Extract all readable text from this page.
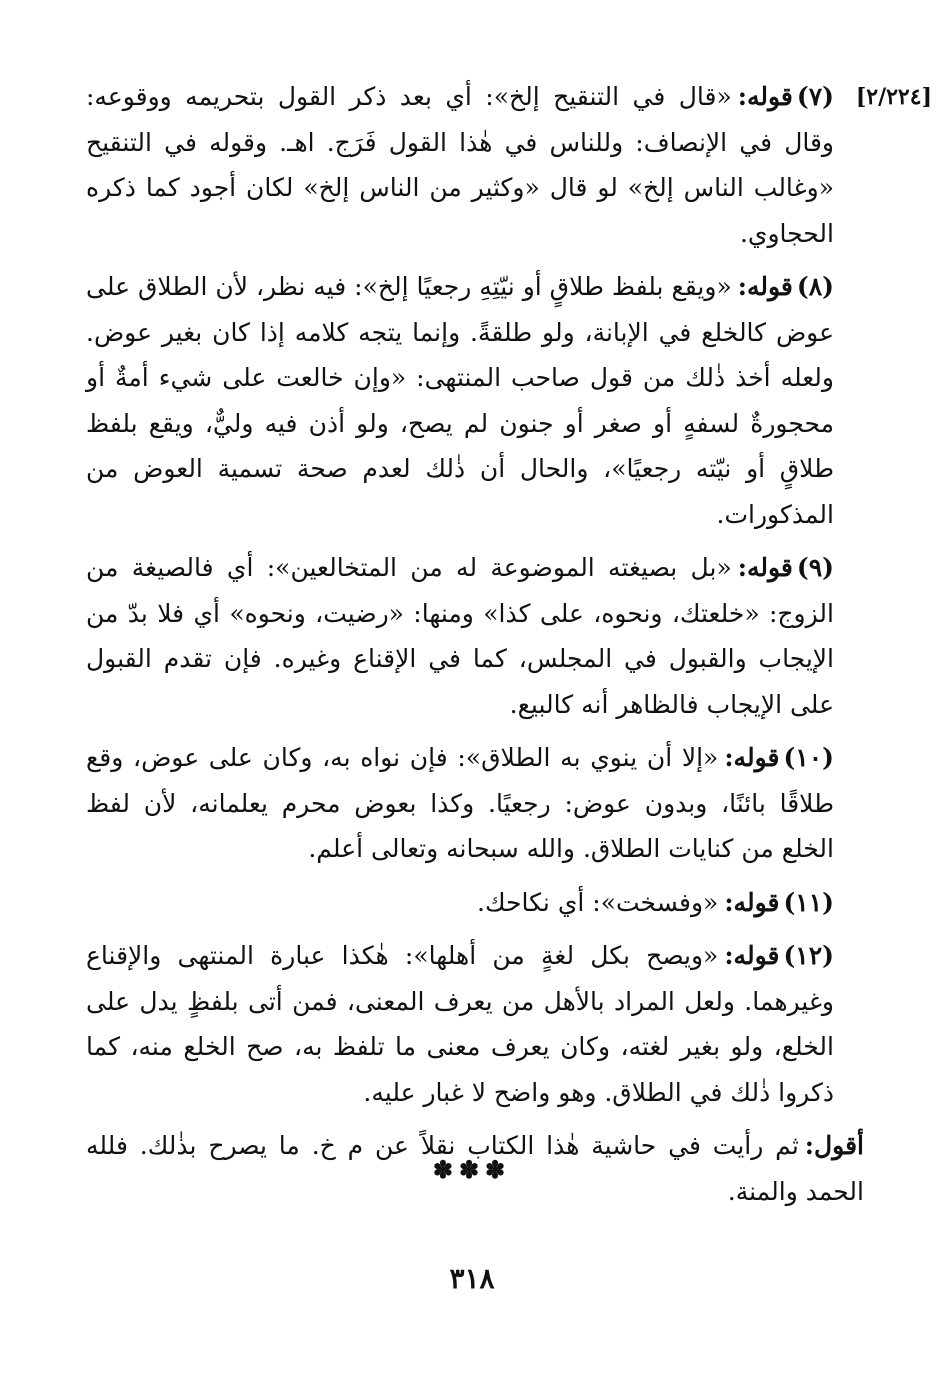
[٢/٢٢٤]

(٧)قوله:«قال في التنقيح إلخ»: أي بعد ذكر القول بتحريمه ووقوعه: وقال في الإنصاف: وللناس في هٰذا القول فَرَج. اهـ. وقوله في التنقيح «وغالب الناس إلخ» لو قال «وكثير من الناس إلخ» لكان أجود كما ذكره الحجاوي.

(٨)قوله:«ويقع بلفظ طلاقٍ أو نيّتِهِ رجعيًا إلخ»: فيه نظر، لأن الطلاق على عوض كالخلع في الإبانة، ولو طلقةً. وإنما يتجه كلامه إذا كان بغير عوض. ولعله أخذ ذٰلك من قول صاحب المنتهى: «وإن خالعت على شيء أمةٌ أو محجورةٌ لسفهٍ أو صغر أو جنون لم يصح، ولو أذن فيه وليٌّ، ويقع بلفظ طلاقٍ أو نيّته رجعيًا»، والحال أن ذٰلك لعدم صحة تسمية العوض من المذكورات.

(٩)قوله:«بل بصيغته الموضوعة له من المتخالعين»: أي فالصيغة من الزوج: «خلعتك، ونحوه، على كذا» ومنها: «رضيت، ونحوه» أي فلا بدّ من الإيجاب والقبول في المجلس، كما في الإقناع وغيره. فإن تقدم القبول على الإيجاب فالظاهر أنه كالبيع.

(١٠)قوله:«إلا أن ينوي به الطلاق»: فإن نواه به، وكان على عوض، وقع طلاقًا بائنًا، وبدون عوض: رجعيًا. وكذا بعوض محرم يعلمانه، لأن لفظ الخلع من كنايات الطلاق. والله سبحانه وتعالى أعلم.

(١١)قوله:«وفسخت»: أي نكاحك.

(١٢)قوله:«ويصح بكل لغةٍ من أهلها»: هٰكذا عبارة المنتهى والإقناع وغيرهما. ولعل المراد بالأهل من يعرف المعنى، فمن أتى بلفظٍ يدل على الخلع، ولو بغير لغته، وكان يعرف معنى ما تلفظ به، صح الخلع منه، كما ذكروا ذٰلك في الطلاق. وهو واضح لا غبار عليه.

أقول:ثم رأيت في حاشية هٰذا الكتاب نقلاً عن م خ. ما يصرح بذٰلك. فلله الحمد والمنة.

✽✽✽
٣١٨
